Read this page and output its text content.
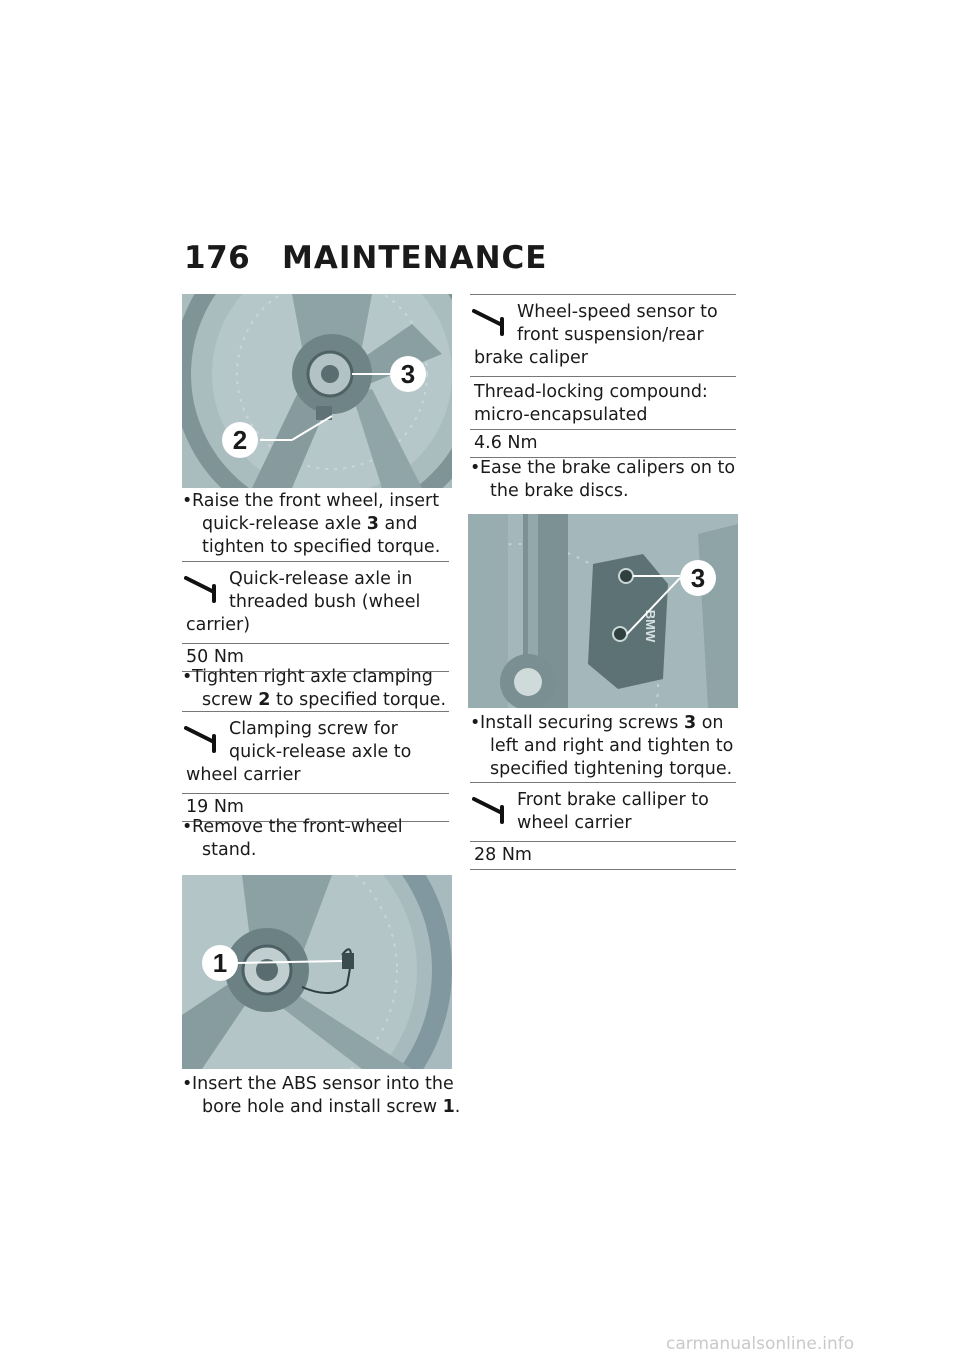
176 MAINTENANCE
3
2
• Raise the front wheel, insert
quick-release axle 3 and
tighten to specified torque.
Quick-release axle in
threaded bush (wheel
carrier)
50 Nm
• Tighten right axle clamping
screw 2 to specified torque.
Clamping screw for
quick-release axle to
wheel carrier
19 Nm
• Remove the front-wheel
stand.
1
• Insert the ABS sensor into the
bore hole and install screw 1.
Wheel-speed sensor to
front suspension/rear
brake caliper
Thread-locking compound:
micro-encapsulated
4.6 Nm
• Ease the brake calipers on to
the brake discs.
BMW
3
• Install securing screws 3 on
left and right and tighten to
specified tightening torque.
Front brake calliper to
wheel carrier
28 Nm
carmanualsonline.info
